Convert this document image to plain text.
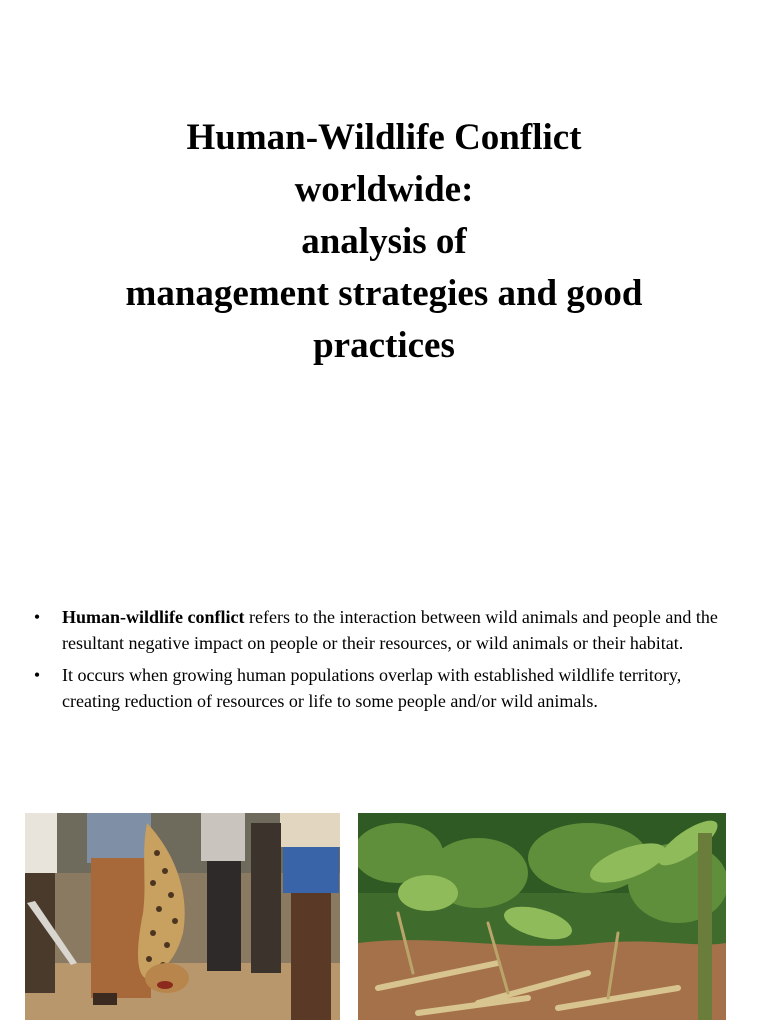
Human-Wildlife Conflict
worldwide:
analysis of
management strategies and good
practices
• Human-wildlife conflict refers to the interaction between wild animals and people and the resultant negative impact on people or their resources, or wild animals or their habitat.
• It occurs when growing human populations overlap with established wildlife territory, creating reduction of resources or life to some people and/or wild animals.
